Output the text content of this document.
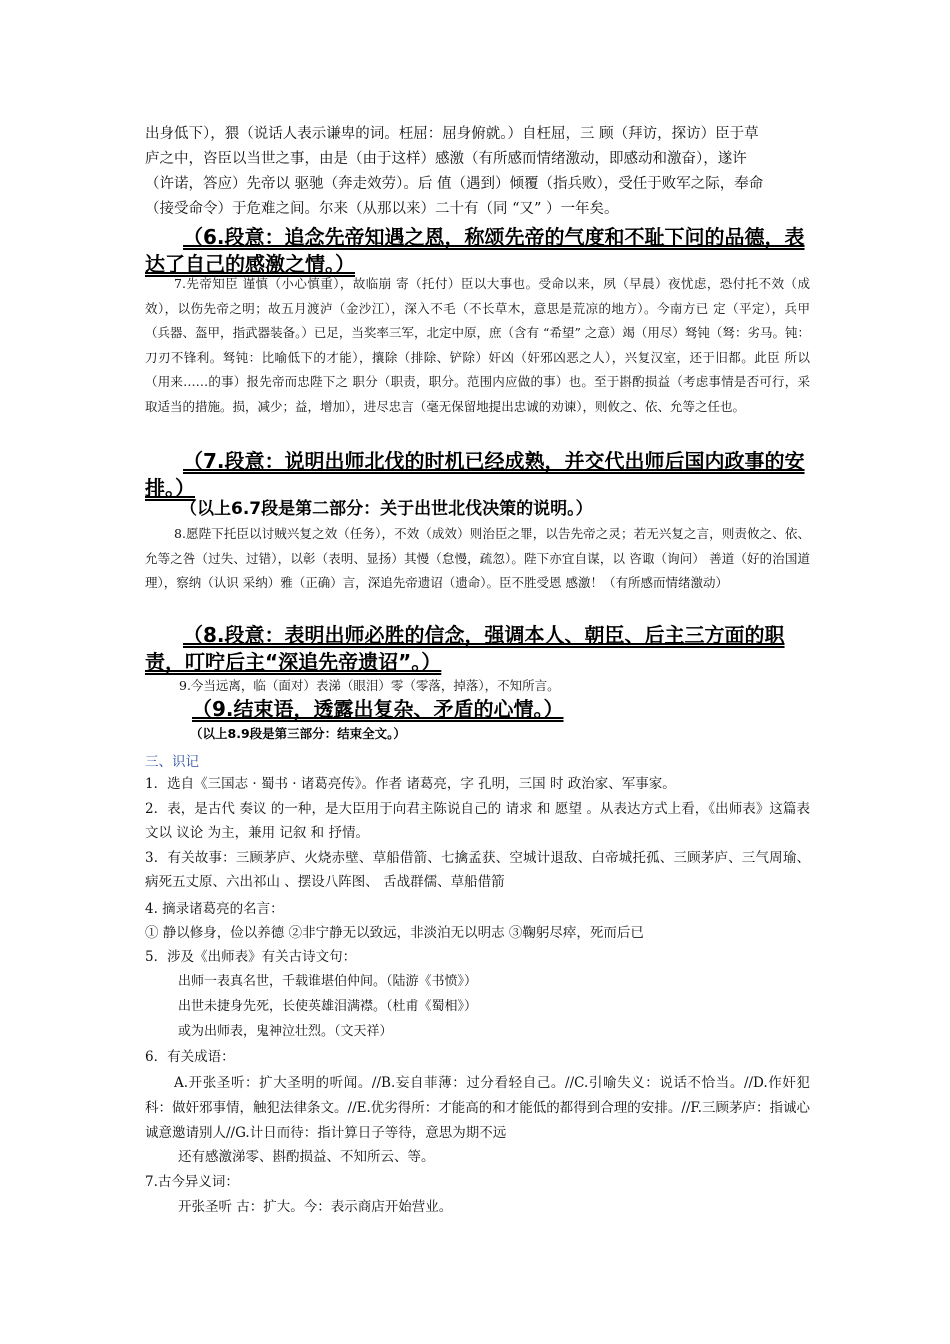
出身低下），猥（说话人表示谦卑的词。枉屈：屈身俯就。）自枉屈，三 顾（拜访，探访）臣于草
庐之中，咨臣以当世之事，由是（由于这样）感激（有所感而情绪激动，即感动和激奋），遂许
（许诺，答应）先帝以 驱驰（奔走效劳）。后 值（遇到）倾覆（指兵败），受任于败军之际，奉命
（接受命令）于危难之间。尔来（从那以来）二十有（同 “又” ）一年矣。
（6.段意：追念先帝知遇之恩，称颂先帝的气度和不耻下问的品德，表达了自己的感激之情。）
7.先帝知臣 谨慎（小心慎重），故临崩 寄（托付）臣以大事也。受命以来，夙（早晨）夜忧虑，恐付托不效（成效），以伤先帝之明；故五月渡泸（金沙江），深入不毛（不长草木，意思是荒凉的地方）。今南方已 定（平定），兵甲（兵器、盔甲，指武器装备。）已足，当奖率三军，北定中原，庶（含有 “希望” 之意）竭（用尽）驽钝（驽：劣马。钝：刀刃不锋利。驽钝：比喻低下的才能），攘除（排除、铲除）奸凶（奸邪凶恶之人），兴复汉室，还于旧都。此臣 所以（用来……的事）报先帝而忠陛下之 职分（职责，职分。范围内应做的事）也。至于斟酌损益（考虑事情是否可行，采取适当的措施。损，减少；益，增加），进尽忠言（毫无保留地提出忠诚的劝谏），则攸之、依、允等之任也。
（7.段意：说明出师北伐的时机已经成熟，并交代出师后国内政事的安排。）
（以上6.7段是第二部分：关于出世北伐决策的说明。）
8.愿陛下托臣以讨贼兴复之效（任务），不效（成效）则治臣之罪，以告先帝之灵；若无兴复之言，则责攸之、依、允等之咎（过失、过错），以彰（表明、显扬）其慢（怠慢，疏忽）。陛下亦宜自谋，以 咨诹（询问） 善道（好的治国道理），察纳（认识 采纳）雅（正确）言，深追先帝遗诏（遗命）。臣不胜受恩 感激！（有所感而情绪激动）
（8.段意：表明出师必胜的信念，强调本人、朝臣、后主三方面的职责，叮咛后主“深追先帝遗诏”。）
9.今当远离，临（面对）表涕（眼泪）零（零落，掉落），不知所言。
（9.结束语，透露出复杂、矛盾的心情。）
（以上8.9段是第三部分：结束全文。）
三、识记
1．选自《三国志 · 蜀书 · 诸葛亮传》。作者 诸葛亮，字 孔明，三国 时 政治家、军事家。
2．表，是古代 奏议 的一种，是大臣用于向君主陈说自己的 请求 和 愿望 。从表达方式上看，《出师表》这篇表文以 议论 为主，兼用 记叙 和 抒情。
3．有关故事：三顾茅庐、火烧赤壁、草船借箭、七擒孟获、空城计退敌、白帝城托孤、三顾茅庐、三气周瑜、病死五丈原、六出祁山 、摆设八阵图、 舌战群儒、草船借箭
4. 摘录诸葛亮的名言：
① 静以修身，俭以养德 ②非宁静无以致远，非淡泊无以明志 ③鞠躬尽瘁，死而后已
5．涉及《出师表》有关古诗文句：
出师一表真名世，千载谁堪伯仲间。（陆游《书愤》）
出世未捷身先死，长使英雄泪满襟。（杜甫《蜀相》）
或为出师表，鬼神泣壮烈。（文天祥）
6．有关成语：
A.开张圣听：扩大圣明的听闻。//B.妄自菲薄：过分看轻自己。//C.引喻失义：说话不恰当。//D.作奸犯科：做奸邪事情，触犯法律条文。//E.优劣得所：才能高的和才能低的都得到合理的安排。//F.三顾茅庐：指诚心诚意邀请别人//G.计日而待：指计算日子等待，意思为期不远
还有感激涕零、斟酌损益、不知所云、等。
7.古今异义词：
开张圣听 古：扩大。今：表示商店开始营业。
